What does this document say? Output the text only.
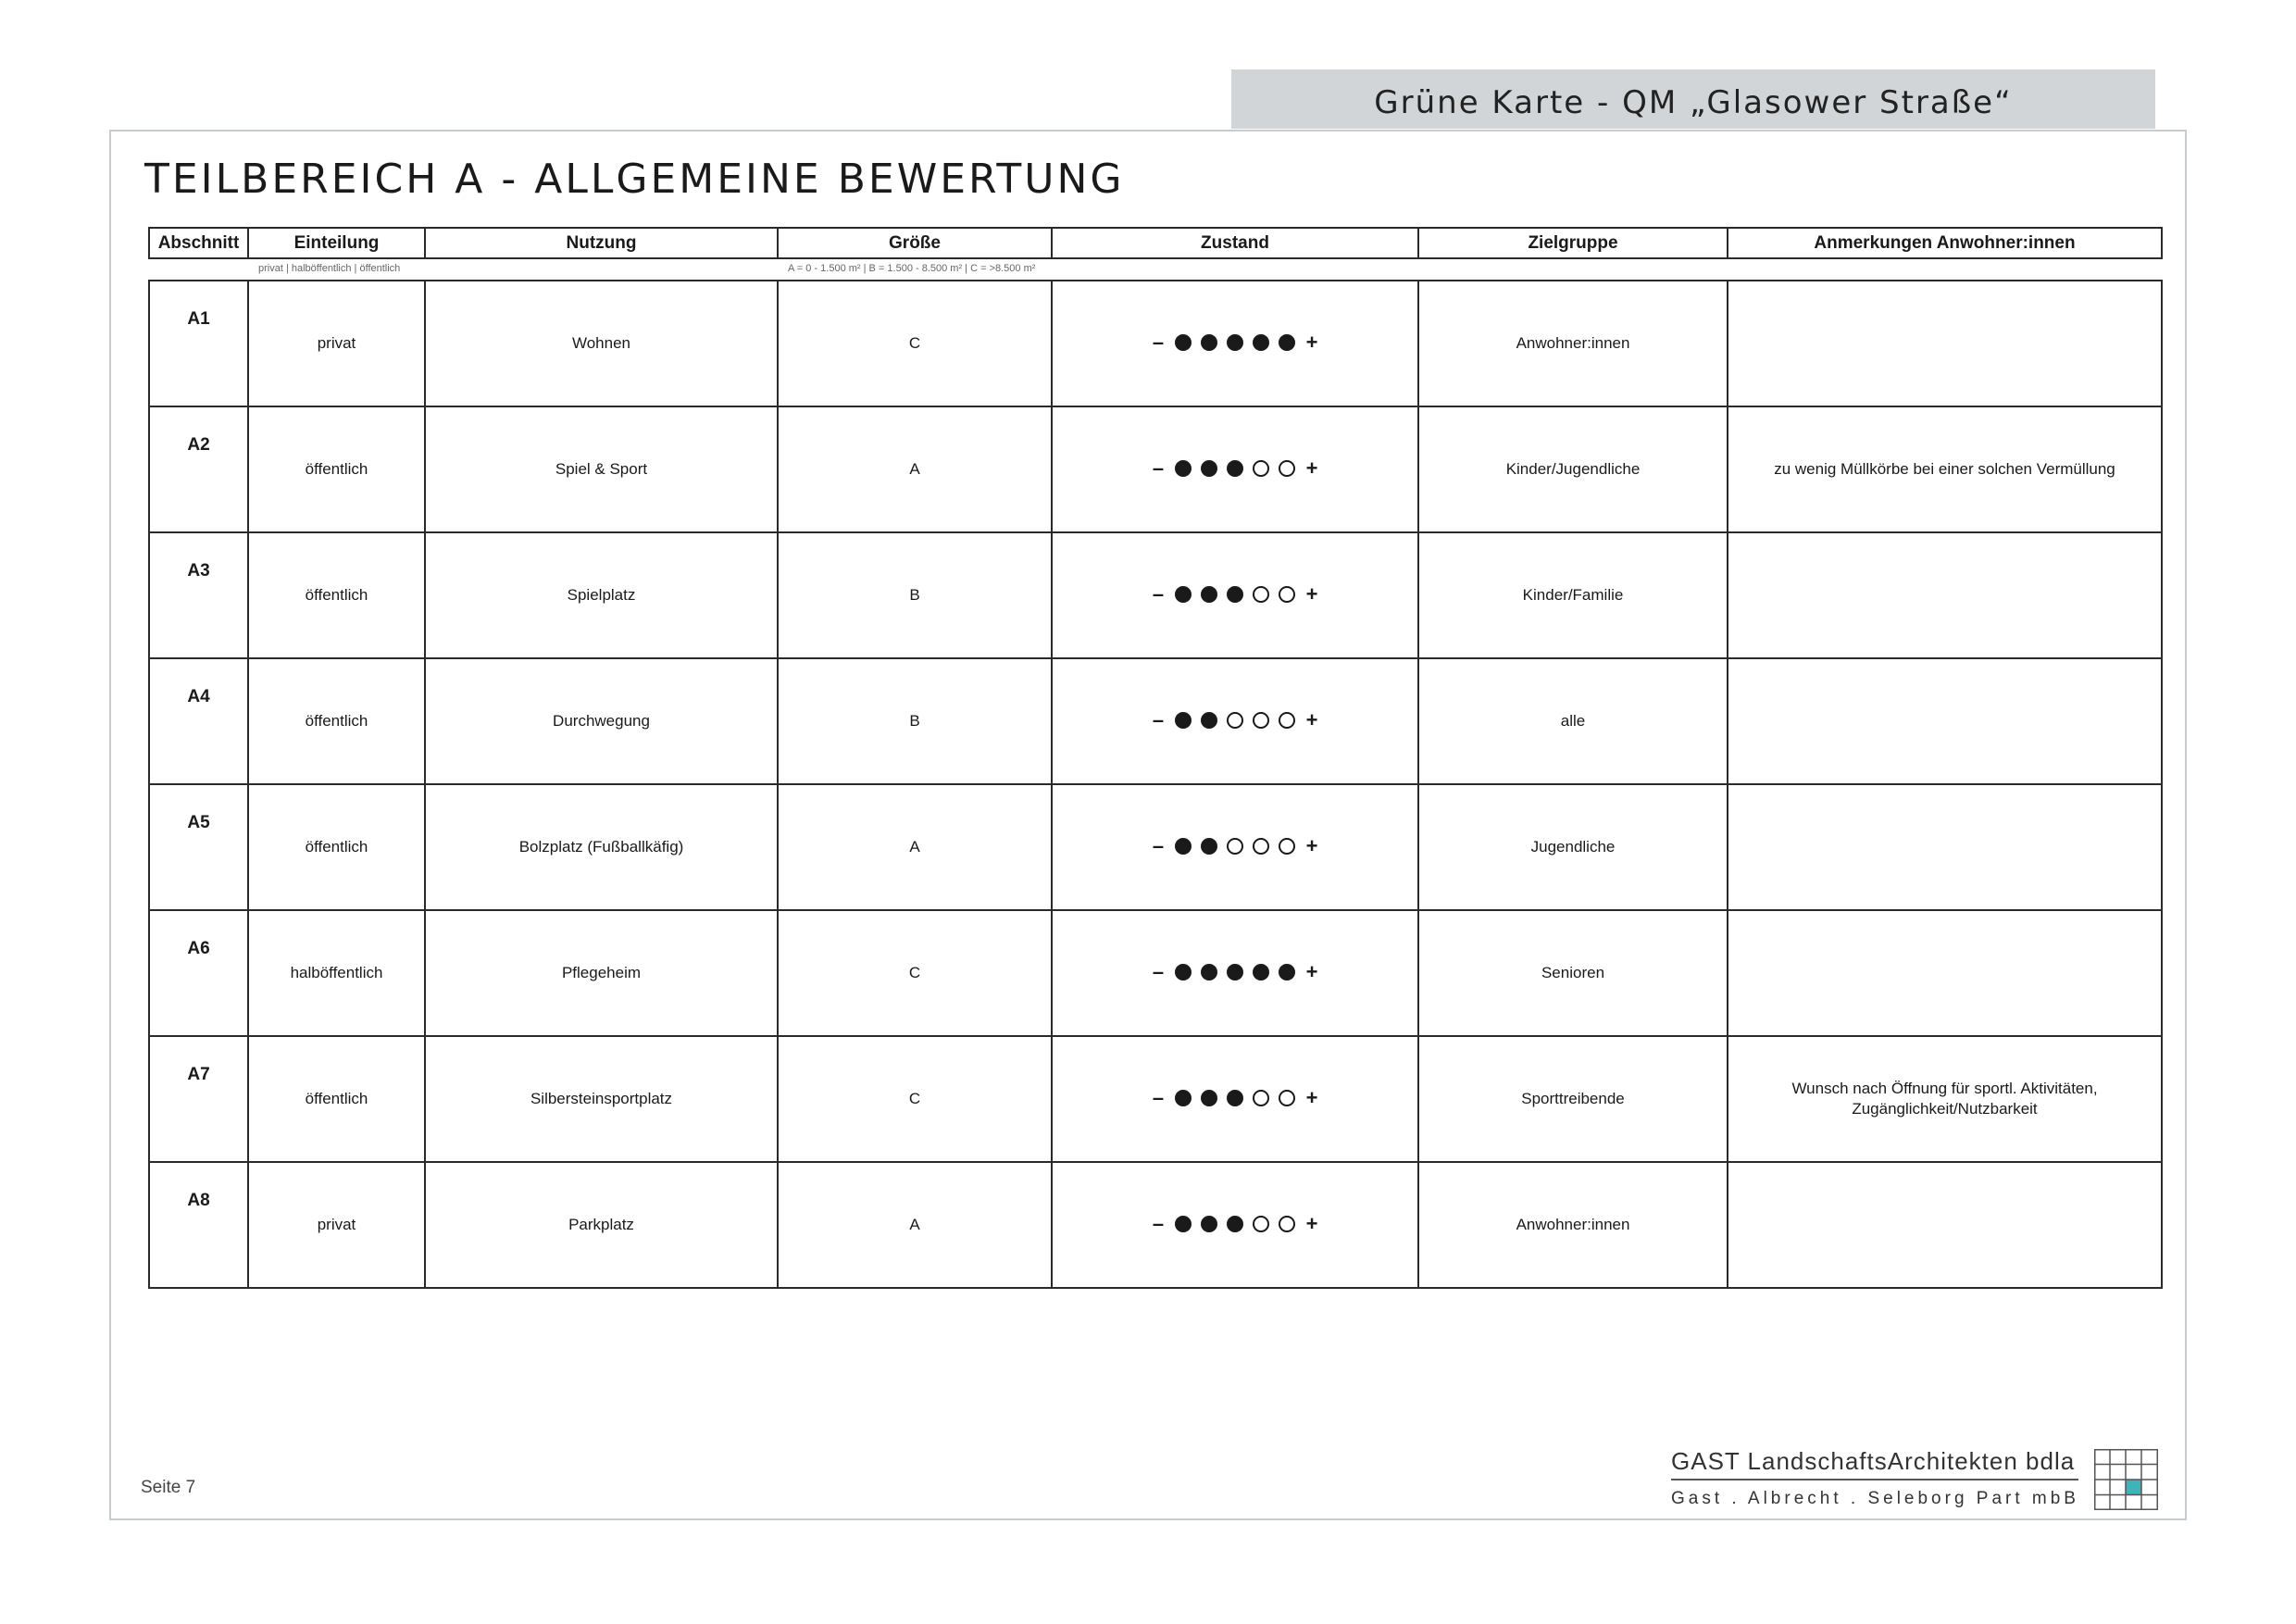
Grüne Karte - QM „Glasower Straße“
TEILBEREICH A - ALLGEMEINE BEWERTUNG
Abschnitt	Einteilung	Nutzung	Größe	Zustand	Zielgruppe	Anmerkungen Anwohner:innen
privat | halböffentlich | öffentlich	A = 0 - 1.500 m² | B = 1.500 - 8.500 m² | C = >8.500 m²
A1	privat	Wohnen	C	– +	Anwohner:innen	
A2	öffentlich	Spiel & Sport	A	– +	Kinder/Jugendliche	zu wenig Müllkörbe bei einer solchen Vermüllung
A3	öffentlich	Spielplatz	B	– +	Kinder/Familie	
A4	öffentlich	Durchwegung	B	– +	alle	
A5	öffentlich	Bolzplatz (Fußballkäfig)	A	– +	Jugendliche	
A6	halböffentlich	Pflegeheim	C	– +	Senioren	
A7	öffentlich	Silbersteinsportplatz	C	– +	Sporttreibende	Wunsch nach Öffnung für sportl. Aktivitäten, Zugänglichkeit/Nutzbarkeit
A8	privat	Parkplatz	A	– +	Anwohner:innen	
Seite 7
GAST LandschaftsArchitekten bdla
Gast . Albrecht . Seleborg Part mbB
